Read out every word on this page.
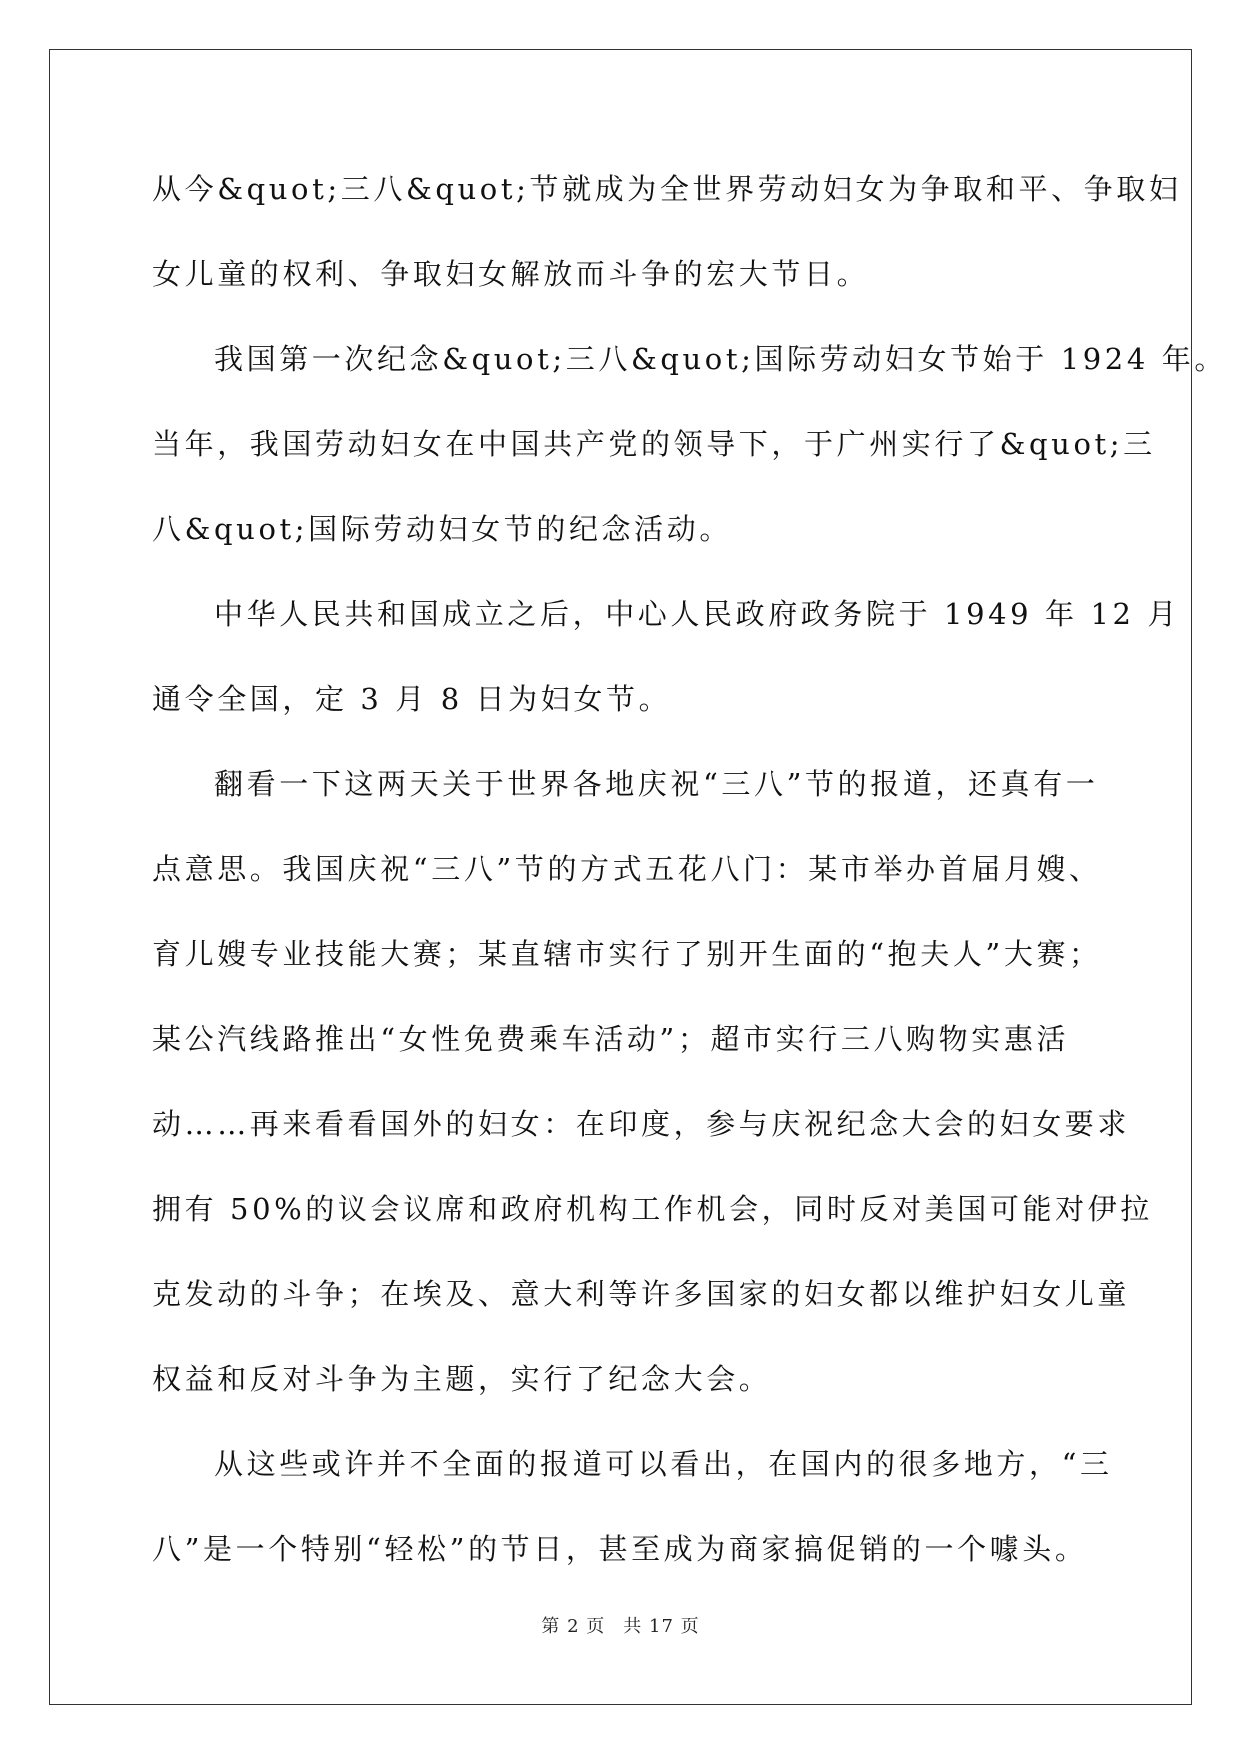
从今&quot;三八&quot;节就成为全世界劳动妇女为争取和平、争取妇
女儿童的权利、争取妇女解放而斗争的宏大节日。
我国第一次纪念&quot;三八&quot;国际劳动妇女节始于 1924 年。
当年，我国劳动妇女在中国共产党的领导下，于广州实行了&quot;三
八&quot;国际劳动妇女节的纪念活动。
中华人民共和国成立之后，中心人民政府政务院于 1949 年 12 月
通令全国，定 3 月 8 日为妇女节。
翻看一下这两天关于世界各地庆祝“三八”节的报道，还真有一
点意思。我国庆祝“三八”节的方式五花八门：某市举办首届月嫂、
育儿嫂专业技能大赛；某直辖市实行了别开生面的“抱夫人”大赛；
某公汽线路推出“女性免费乘车活动”；超市实行三八购物实惠活
动……再来看看国外的妇女：在印度，参与庆祝纪念大会的妇女要求
拥有 50%的议会议席和政府机构工作机会，同时反对美国可能对伊拉
克发动的斗争；在埃及、意大利等许多国家的妇女都以维护妇女儿童
权益和反对斗争为主题，实行了纪念大会。
从这些或许并不全面的报道可以看出，在国内的很多地方，“三
八”是一个特别“轻松”的节日，甚至成为商家搞促销的一个噱头。
第 2 页 共 17 页
